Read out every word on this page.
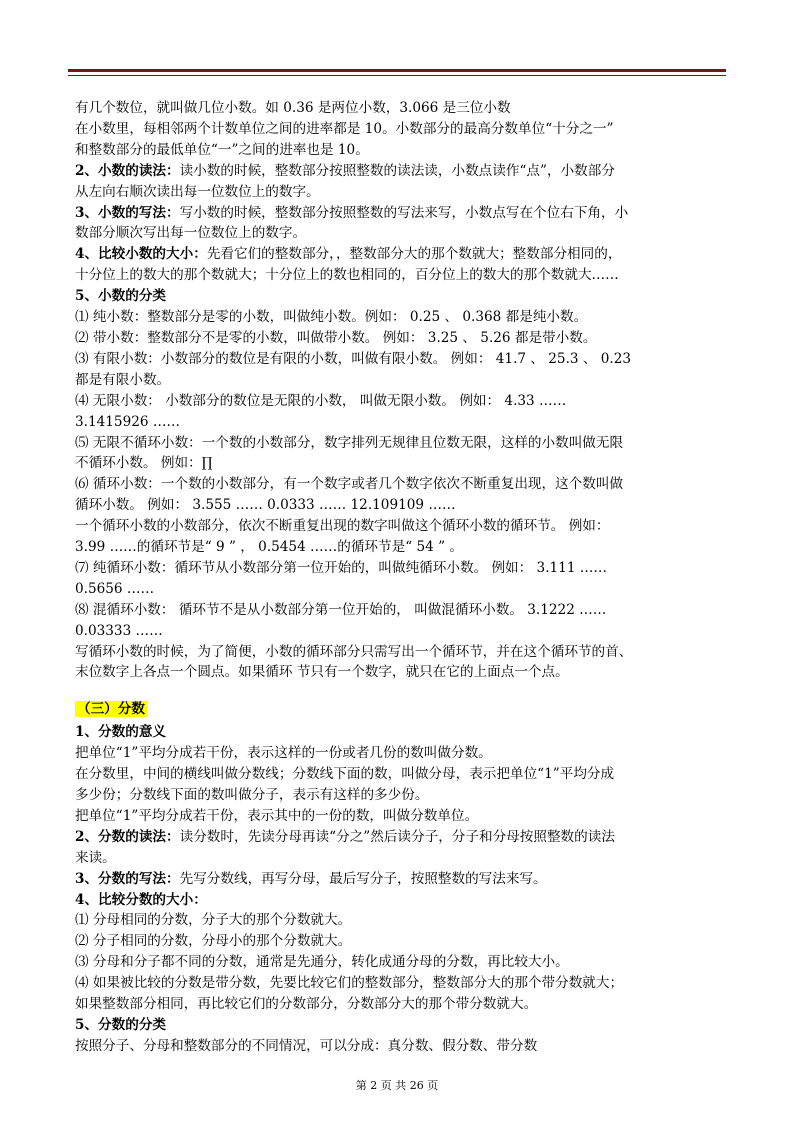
有几个数位，就叫做几位小数。如 0.36 是两位小数，3.066 是三位小数
在小数里，每相邻两个计数单位之间的进率都是 10。小数部分的最高分数单位“十分之一”
和整数部分的最低单位“一”之间的进率也是 10。
2、小数的读法：读小数的时候，整数部分按照整数的读法读，小数点读作“点”，小数部分
从左向右顺次读出每一位数位上的数字。
3、小数的写法：写小数的时候，整数部分按照整数的写法来写，小数点写在个位右下角，小
数部分顺次写出每一位数位上的数字。
4、比较小数的大小：先看它们的整数部分，，整数部分大的那个数就大；整数部分相同的，
十分位上的数大的那个数就大；十分位上的数也相同的，百分位上的数大的那个数就大……
5、小数的分类
⑴ 纯小数：整数部分是零的小数，叫做纯小数。例如： 0.25 、 0.368 都是纯小数。
⑵ 带小数：整数部分不是零的小数，叫做带小数。 例如： 3.25 、 5.26 都是带小数。
⑶ 有限小数：小数部分的数位是有限的小数，叫做有限小数。 例如： 41.7 、 25.3 、 0.23
都是有限小数。
⑷ 无限小数： 小数部分的数位是无限的小数， 叫做无限小数。 例如： 4.33 ……
3.1415926 ……
⑸ 无限不循环小数：一个数的小数部分，数字排列无规律且位数无限，这样的小数叫做无限
不循环小数。 例如：∏
⑹ 循环小数：一个数的小数部分，有一个数字或者几个数字依次不断重复出现，这个数叫做
循环小数。 例如： 3.555 …… 0.0333 …… 12.109109 ……
一个循环小数的小数部分，依次不断重复出现的数字叫做这个循环小数的循环节。 例如：
3.99 ……的循环节是“ 9 ” ， 0.5454 ……的循环节是“ 54 ” 。
⑺ 纯循环小数：循环节从小数部分第一位开始的，叫做纯循环小数。 例如： 3.111 ……
0.5656 ……
⑻ 混循环小数： 循环节不是从小数部分第一位开始的， 叫做混循环小数。 3.1222 ……
0.03333 ……
写循环小数的时候，为了简便，小数的循环部分只需写出一个循环节，并在这个循环节的首、
末位数字上各点一个圆点。如果循环 节只有一个数字，就只在它的上面点一个点。
（三）分数
1、分数的意义
把单位“1”平均分成若干份，表示这样的一份或者几份的数叫做分数。
在分数里，中间的横线叫做分数线；分数线下面的数，叫做分母，表示把单位“1”平均分成
多少份；分数线下面的数叫做分子，表示有这样的多少份。
把单位“1”平均分成若干份，表示其中的一份的数，叫做分数单位。
2、分数的读法：读分数时，先读分母再读“分之”然后读分子，分子和分母按照整数的读法
来读。
3、分数的写法：先写分数线，再写分母，最后写分子，按照整数的写法来写。
4、比较分数的大小：
⑴ 分母相同的分数，分子大的那个分数就大。
⑵ 分子相同的分数，分母小的那个分数就大。
⑶ 分母和分子都不同的分数，通常是先通分，转化成通分母的分数，再比较大小。
⑷ 如果被比较的分数是带分数，先要比较它们的整数部分，整数部分大的那个带分数就大；
如果整数部分相同，再比较它们的分数部分，分数部分大的那个带分数就大。
5、分数的分类
按照分子、分母和整数部分的不同情况，可以分成：真分数、假分数、带分数
第 2 页 共 26 页
